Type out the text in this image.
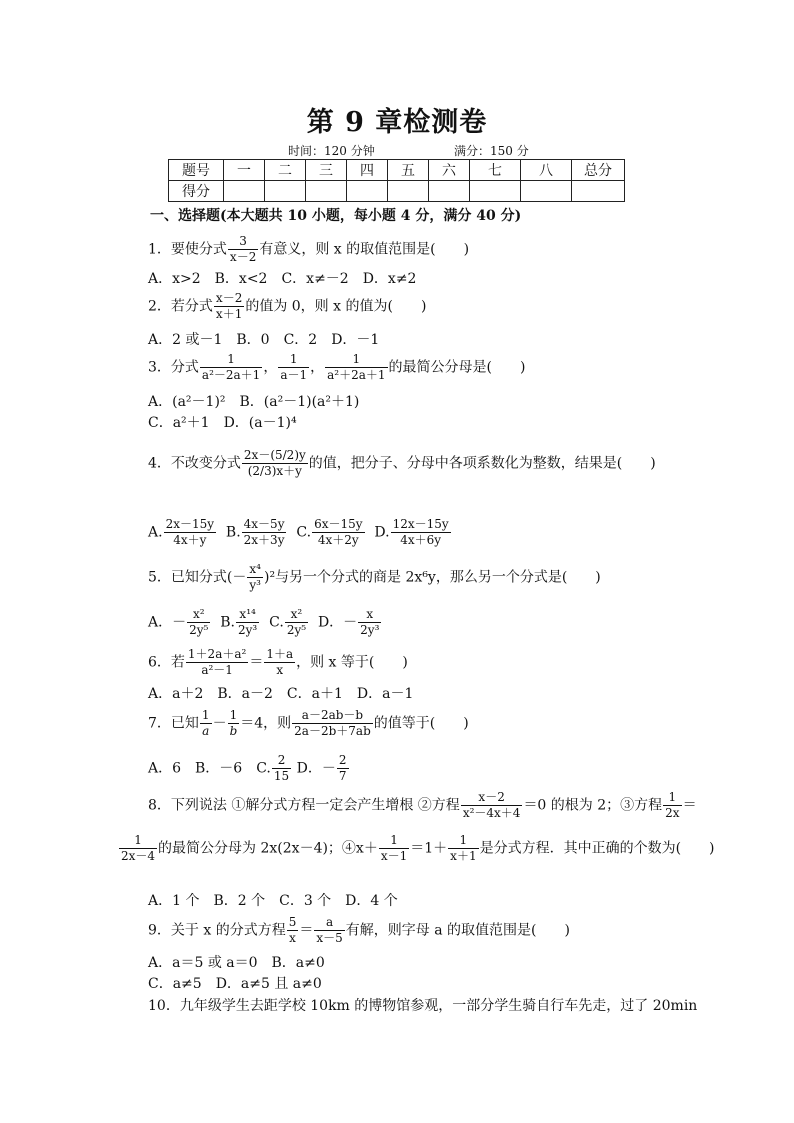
第 9 章检测卷
时间：120 分钟	满分：150 分
题号	一	二	三	四	五	六	七	八	总分
得分									
一、选择题(本大题共 10 小题，每小题 4 分，满分 40 分)
1．要使分式 $\frac{3}{x-2}$ 有意义，则 x 的取值范围是(　　)
A．x>2　B．x<2　C．x≠－2　D．x≠2
2．若分式 $\frac{x-2}{x+1}$ 的值为 0，则 x 的值为(　　)
A．2 或－1　B．0　C．2　D．－1
3．分式 $\frac{1}{\text{a²－2a＋1}}$ ， $\frac{1}{a-1}$ ， $\frac{1}{\text{a²＋2a＋1}}$ 的最简公分母是(　　)
A．(a²－1)²　B．(a²－1)(a²＋1)
C．a²＋1　D．(a－1)⁴
4．不改变分式 $\frac{2x-(5/2)y}{(2/3)x+y}$ 的值，把分子、分母中各项系数化为整数，结果是(　　)
A. $\frac{2x-15y}{4x+y} B$. $\frac{4x-5y}{2x+3y} C$. $\frac{6x-15y}{4x+2y} D$. $\frac{12x-15y}{4x+6y}$
5．已知分式(－ $\frac{\text{x⁴}}{\text{y³}} )^2$与另一个分式的商是 2x⁶y，那么另一个分式是(　　)
A．－ $\frac{\text{x²}}{\text{2y⁵}} B$. $\frac{\text{x¹⁴}}{\text{2y³}} C$. $\frac{\text{x²}}{\text{2y⁵}}$ D．－ $\frac{x}{\text{2y³}}$
6．若 $\frac{\text{1＋2a＋a²}}{\text{a²－1}} = \frac{1+a}{x}$ ，则 x 等于(　　)
A．a＋2　B．a－2　C．a＋1　D．a－1
7．已知 $\frac{1}{a} - \frac{1}{b} =4$，则 $\frac{a-2ab-b}{2a-2b+7ab}$ 的值等于(　　)
A．6　B．－6　C. $\frac{2}{15}$ D．－ $\frac{2}{7}$
8．下列说法 ①解分式方程一定会产生增根 ②方程 $\frac{x-2}{\text{x²－4x＋4}} =0$ 的根为 2；③方程 $\frac{1}{2x}$ ＝
$\frac{1}{2x-4}$ 的最简公分母为 2x(2x－4)；④x＋ $\frac{1}{x-1} =1+ \frac{1}{x+1}$ 是分式方程．其中正确的个数为(　　)
A．1 个　B．2 个　C．3 个　D．4 个
9．关于 x 的分式方程 $\frac{5}{x} = \frac{a}{x-5}$ 有解，则字母 a 的取值范围是(　　)
A．a＝5 或 a＝0　B．a≠0
C．a≠5　D．a≠5 且 a≠0
10．九年级学生去距学校 10km 的博物馆参观，一部分学生骑自行车先走，过了 20min
